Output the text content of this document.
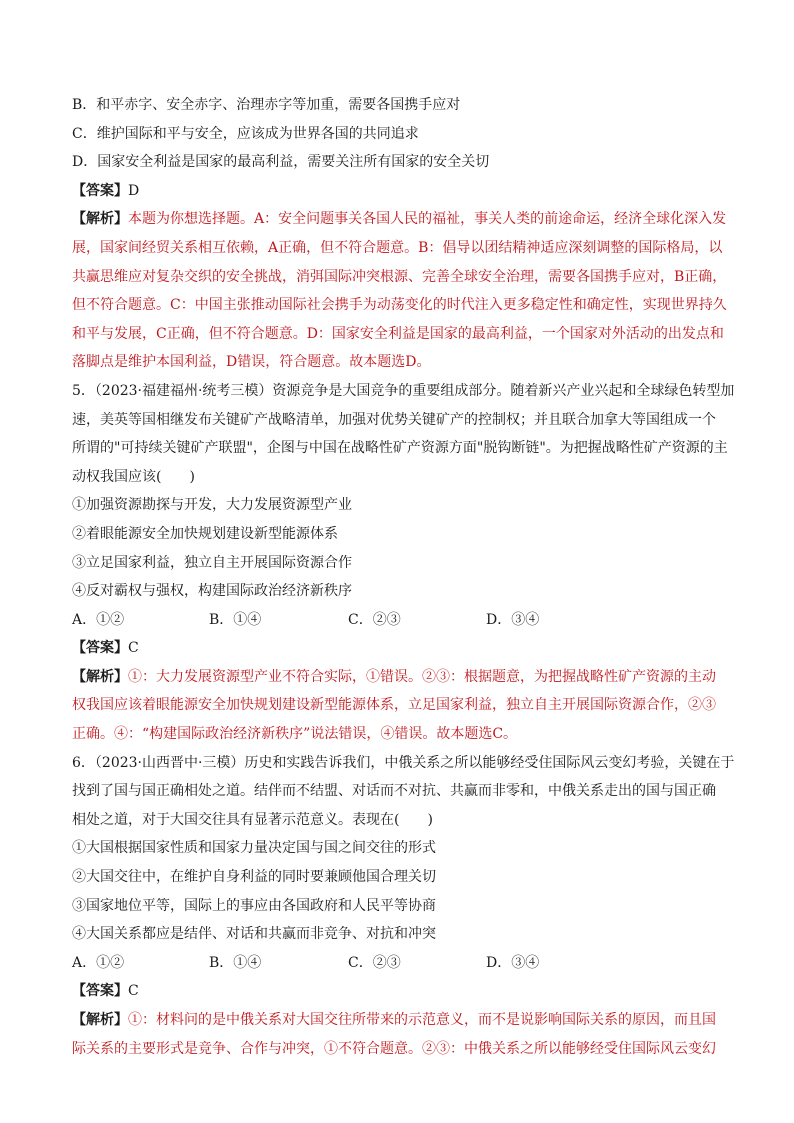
B．和平赤字、安全赤字、治理赤字等加重，需要各国携手应对
C．维护国际和平与安全，应该成为世界各国的共同追求
D．国家安全利益是国家的最高利益，需要关注所有国家的安全关切
【答案】D
【解析】本题为你想选择题。A：安全问题事关各国人民的福祉，事关人类的前途命运，经济全球化深入发
展，国家间经贸关系相互依赖，A正确，但不符合题意。B：倡导以团结精神适应深刻调整的国际格局，以
共赢思维应对复杂交织的安全挑战，消弭国际冲突根源、完善全球安全治理，需要各国携手应对，B正确，
但不符合题意。C：中国主张推动国际社会携手为动荡变化的时代注入更多稳定性和确定性，实现世界持久
和平与发展，C正确，但不符合题意。D：国家安全利益是国家的最高利益，一个国家对外活动的出发点和
落脚点是维护本国利益，D错误，符合题意。故本题选D。
5．（2023·福建福州·统考三模）资源竞争是大国竞争的重要组成部分。随着新兴产业兴起和全球绿色转型加
速，美英等国相继发布关键矿产战略清单，加强对优势关键矿产的控制权；并且联合加拿大等国组成一个
所谓的"可持续关键矿产联盟"，企图与中国在战略性矿产资源方面"脱钩断链"。为把握战略性矿产资源的主
动权我国应该(　　)
①加强资源勘探与开发，大力发展资源型产业
②着眼能源安全加快规划建设新型能源体系
③立足国家利益，独立自主开展国际资源合作
④反对霸权与强权，构建国际政治经济新秩序
A．①②	B．①④	C．②③	D．③④
【答案】C
【解析】①：大力发展资源型产业不符合实际，①错误。②③：根据题意，为把握战略性矿产资源的主动
权我国应该着眼能源安全加快规划建设新型能源体系，立足国家利益，独立自主开展国际资源合作，②③
正确。④：“构建国际政治经济新秩序”说法错误，④错误。故本题选C。
6．（2023·山西晋中·三模）历史和实践告诉我们，中俄关系之所以能够经受住国际风云变幻考验，关键在于
找到了国与国正确相处之道。结伴而不结盟、对话而不对抗、共赢而非零和，中俄关系走出的国与国正确
相处之道，对于大国交往具有显著示范意义。表现在(　　)
①大国根据国家性质和国家力量决定国与国之间交往的形式
②大国交往中，在维护自身利益的同时要兼顾他国合理关切
③国家地位平等，国际上的事应由各国政府和人民平等协商
④大国关系都应是结伴、对话和共赢而非竞争、对抗和冲突
A．①②	B．①④	C．②③	D．③④
【答案】C
【解析】①：材料问的是中俄关系对大国交往所带来的示范意义，而不是说影响国际关系的原因，而且国
际关系的主要形式是竞争、合作与冲突，①不符合题意。②③：中俄关系之所以能够经受住国际风云变幻
